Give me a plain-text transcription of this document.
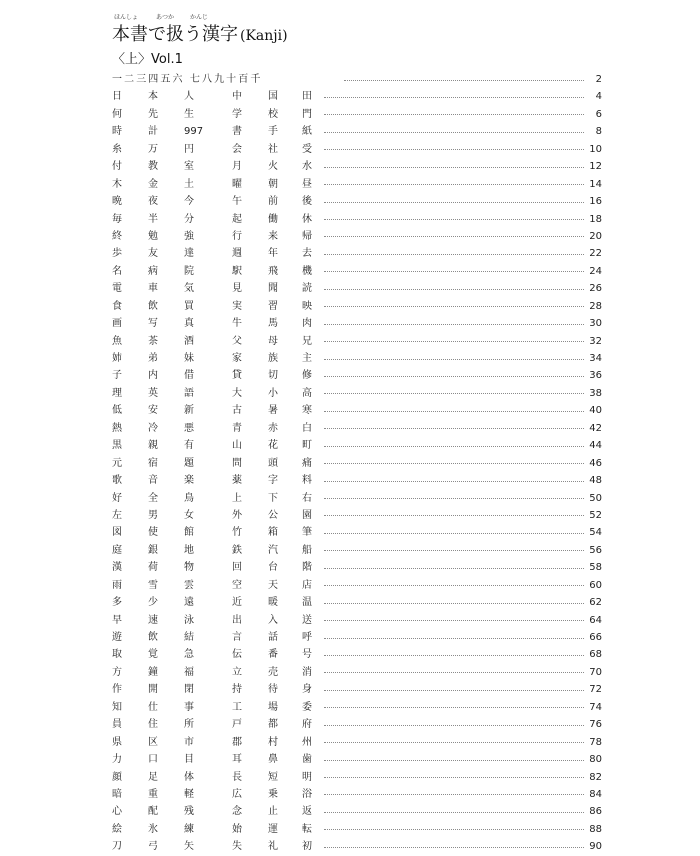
ほんしょ	あつか	かんじ
本書で扱う漢字 (Kanji)
〈上〉Vol.1
一二三四五六 七八九十百千	2
日	本	人	中	国	田	4
何	先	生	学	校	門	6
時	計	997	書	手	紙	8
糸	万	円	会	社	受	10
付	教	室	月	火	水	12
木	金	土	曜	朝	昼	14
晩	夜	今	午	前	後	16
毎	半	分	起	働	休	18
終	勉	強	行	来	帰	20
歩	友	達	週	年	去	22
名	病	院	駅	飛	機	24
電	車	気	見	聞	読	26
食	飲	買	実	習	映	28
画	写	真	牛	馬	肉	30
魚	茶	酒	父	母	兄	32
姉	弟	妹	家	族	主	34
子	内	借	貸	切	修	36
理	英	語	大	小	高	38
低	安	新	古	暑	寒	40
熱	冷	悪	青	赤	白	42
黒	親	有	山	花	町	44
元	宿	題	問	頭	痛	46
歌	音	楽	薬	字	料	48
好	全	鳥	上	下	右	50
左	男	女	外	公	園	52
図	使	館	竹	箱	筆	54
庭	銀	地	鉄	汽	船	56
漢	荷	物	回	台	階	58
雨	雪	雲	空	天	店	60
多	少	遠	近	暖	温	62
早	速	泳	出	入	送	64
遊	飲	結	言	話	呼	66
取	覚	急	伝	番	号	68
方	鐘	福	立	売	消	70
作	開	閉	持	待	身	72
知	仕	事	工	場	委	74
員	住	所	戸	都	府	76
県	区	市	郡	村	州	78
力	口	目	耳	鼻	歯	80
顔	足	体	長	短	明	82
暗	重	軽	広	乗	浴	84
心	配	残	念	止	返	86
絵	氷	練	始	運	転	88
刀	弓	矢	失	礼	初	90
